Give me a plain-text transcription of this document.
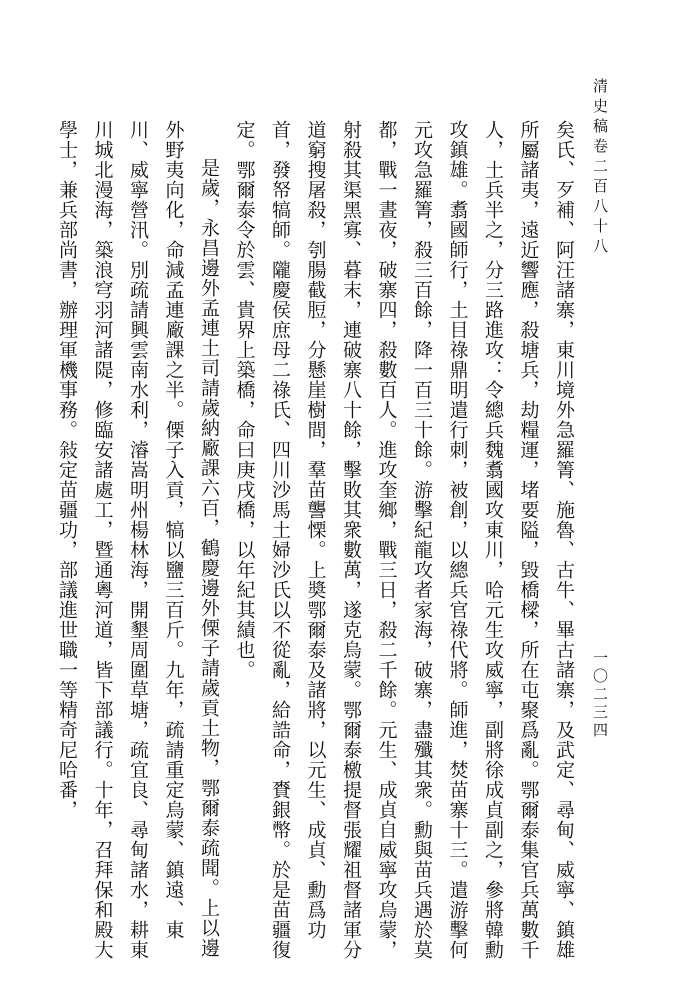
清史稿卷二百八十八
一〇二三四

矣氏、歹補、阿汪諸寨，東川境外急羅箐、施魯、古牛、畢古諸寨，及武定、尋甸、威寧、鎮雄所屬諸夷，遠近響應，殺塘兵，劫糧運，堵要隘，毀橋樑，所在屯聚爲亂。鄂爾泰集官兵萬數千人，土兵半之，分三路進攻：令總兵魏翥國攻東川，哈元生攻威寧，副將徐成貞副之，參將韓勳攻鎮雄。翥國師行，土目祿鼎明遣行刺，被創，以總兵官祿代將。師進，焚苗寨十三。遣游擊何元攻急羅箐，殺三百餘，降一百三十餘。游擊紀龍攻者家海，破寨，盡殲其衆。勳與苗兵遇於莫都，戰一晝夜，破寨四，殺數百人。進攻奎鄉，戰三日，殺二千餘。元生、成貞自威寧攻烏蒙，射殺其渠黑寡、暮末，連破寨八十餘，擊敗其衆數萬，遂克烏蒙。鄂爾泰檄提督張耀祖督諸軍分道窮搜屠殺，刳腸截脰，分懸崖樹間，羣苗讋慄。上奬鄂爾泰及諸將，以元生、成貞、勳爲功首，發帑犒師。隴慶侯庶母二祿氏、四川沙馬土婦沙氏以不從亂，給誥命，賚銀幣。於是苗疆復定。鄂爾泰令於雲、貴界上築橋，命曰庚戌橋，以年紀其績也。

是歲，永昌邊外孟連土司請歲納廠課六百，鶴慶邊外傈子請歲貢土物，鄂爾泰疏聞。上以邊外野夷向化，命減孟連廠課之半。傈子入貢，犒以鹽三百斤。九年，疏請重定烏蒙、鎮遠、東川、威寧營汛。別疏請興雲南水利，濬嵩明州楊林海，開墾周圍草塘，疏宜良、尋甸諸水，耕東川城北漫海，築浪穹羽河諸隄，修臨安諸處工，暨通粵河道，皆下部議行。十年，召拜保和殿大學士，兼兵部尚書，辦理軍機事務。敍定苗疆功，部議進世職一等精奇尼哈番，
